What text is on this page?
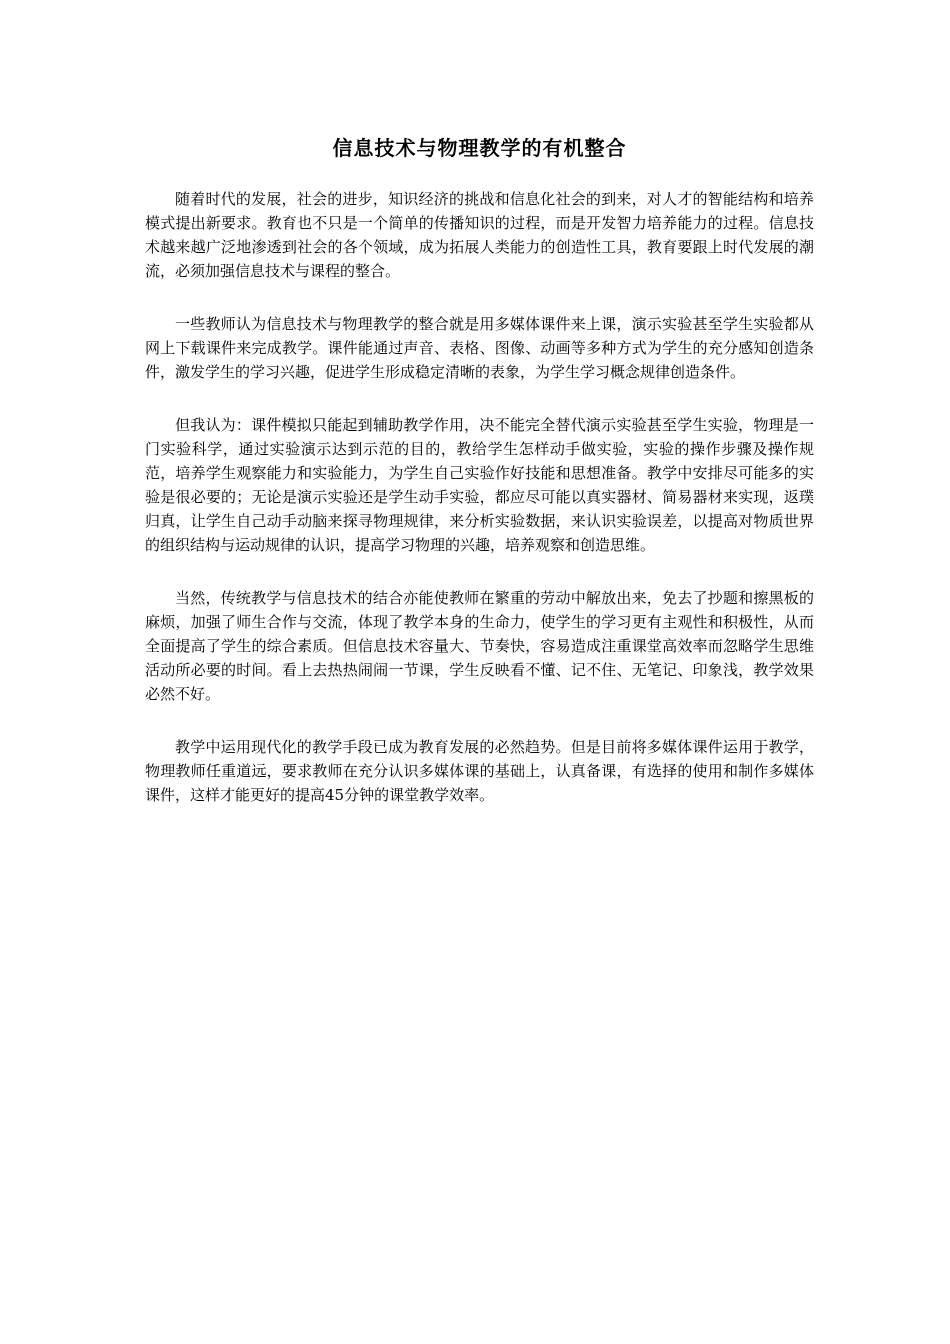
信息技术与物理教学的有机整合

随着时代的发展，社会的进步，知识经济的挑战和信息化社会的到来，对人才的智能结构和培养模式提出新要求。教育也不只是一个简单的传播知识的过程，而是开发智力培养能力的过程。信息技术越来越广泛地渗透到社会的各个领域，成为拓展人类能力的创造性工具，教育要跟上时代发展的潮流，必须加强信息技术与课程的整合。

一些教师认为信息技术与物理教学的整合就是用多媒体课件来上课，演示实验甚至学生实验都从网上下载课件来完成教学。课件能通过声音、表格、图像、动画等多种方式为学生的充分感知创造条件，激发学生的学习兴趣，促进学生形成稳定清晰的表象，为学生学习概念规律创造条件。

但我认为：课件模拟只能起到辅助教学作用，决不能完全替代演示实验甚至学生实验，物理是一门实验科学，通过实验演示达到示范的目的，教给学生怎样动手做实验，实验的操作步骤及操作规范，培养学生观察能力和实验能力，为学生自己实验作好技能和思想准备。教学中安排尽可能多的实验是很必要的；无论是演示实验还是学生动手实验，都应尽可能以真实器材、简易器材来实现，返璞归真，让学生自己动手动脑来探寻物理规律，来分析实验数据，来认识实验误差，以提高对物质世界的组织结构与运动规律的认识，提高学习物理的兴趣，培养观察和创造思维。

当然，传统教学与信息技术的结合亦能使教师在繁重的劳动中解放出来，免去了抄题和擦黑板的麻烦，加强了师生合作与交流，体现了教学本身的生命力，使学生的学习更有主观性和积极性，从而全面提高了学生的综合素质。但信息技术容量大、节奏快，容易造成注重课堂高效率而忽略学生思维活动所必要的时间。看上去热热闹闹一节课，学生反映看不懂、记不住、无笔记、印象浅，教学效果必然不好。

教学中运用现代化的教学手段已成为教育发展的必然趋势。但是目前将多媒体课件运用于教学，物理教师任重道远，要求教师在充分认识多媒体课的基础上，认真备课，有选择的使用和制作多媒体课件，这样才能更好的提高45分钟的课堂教学效率。
